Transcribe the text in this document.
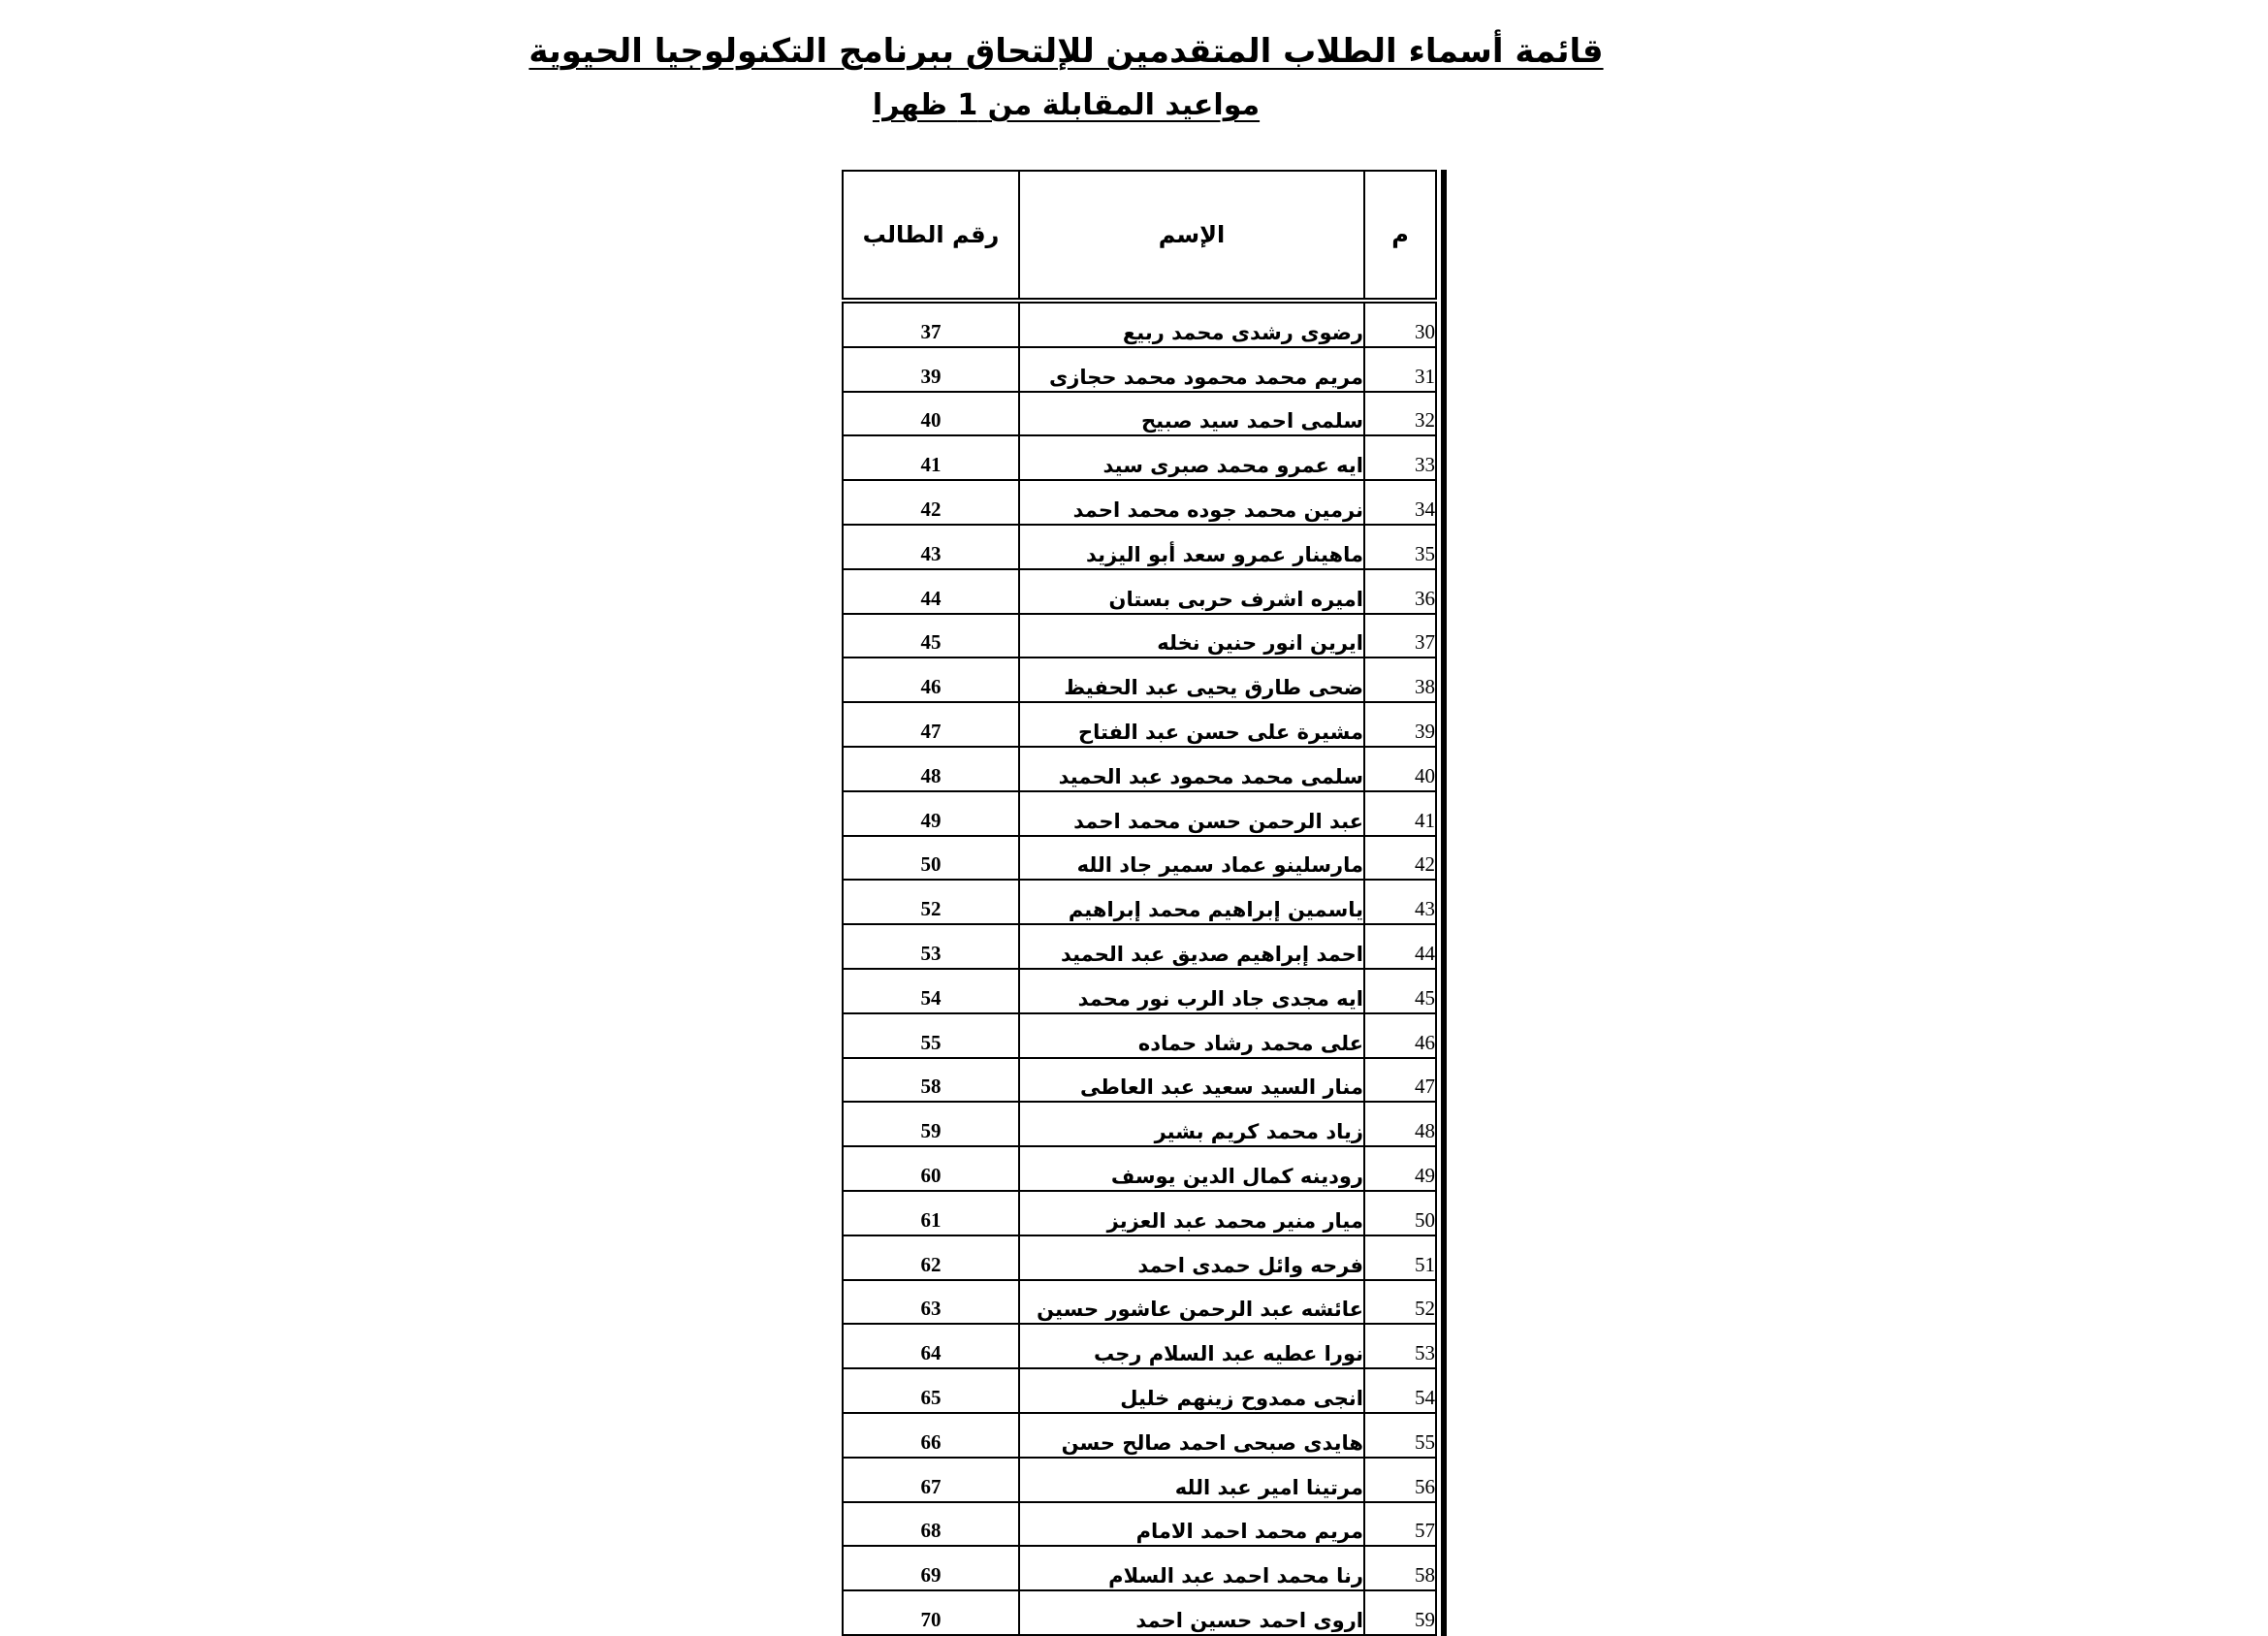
قائمة أسماء الطلاب المتقدمين للإلتحاق ببرنامج التكنولوجيا الحيوية
مواعيد المقابلة من 1 ظهرا
م	الإسم	رقم الطالب
30	رضوى رشدى محمد ربيع	37
31	مريم محمد محمود محمد حجازى	39
32	سلمى احمد سيد صبيح	40
33	ايه عمرو محمد صبرى سيد	41
34	نرمين محمد جوده محمد احمد	42
35	ماهينار عمرو سعد أبو اليزيد	43
36	اميره اشرف حربى بستان	44
37	ايرين انور حنين نخله	45
38	ضحى طارق يحيى عبد الحفيظ	46
39	مشيرة على حسن عبد الفتاح	47
40	سلمى محمد محمود عبد الحميد	48
41	عبد الرحمن حسن محمد احمد	49
42	مارسلينو عماد سمير جاد الله	50
43	ياسمين إبراهيم محمد إبراهيم	52
44	احمد إبراهيم صديق عبد الحميد	53
45	ايه مجدى جاد الرب نور محمد	54
46	على محمد رشاد حماده	55
47	منار السيد سعيد عبد العاطى	58
48	زياد محمد كريم بشير	59
49	رودينه كمال الدين يوسف	60
50	ميار منير محمد عبد العزيز	61
51	فرحه وائل حمدى احمد	62
52	عائشه عبد الرحمن عاشور حسين	63
53	نورا عطيه عبد السلام رجب	64
54	انجى ممدوح زينهم خليل	65
55	هايدى صبحى احمد صالح حسن	66
56	مرتينا امير عبد الله	67
57	مريم محمد احمد الامام	68
58	رنا محمد احمد عبد السلام	69
59	اروى احمد حسين احمد	70
